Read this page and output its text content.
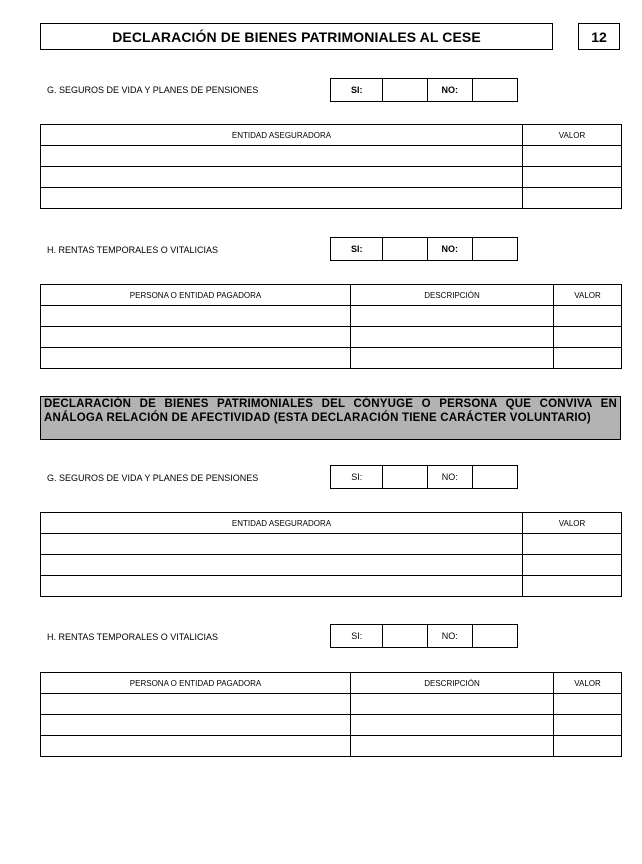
DECLARACIÓN DE BIENES PATRIMONIALES AL CESE	12
G. SEGUROS DE VIDA Y PLANES DE PENSIONES	SI:	NO:
ENTIDAD ASEGURADORA	VALOR

H. RENTAS TEMPORALES O VITALICIAS	SI:	NO:
PERSONA O ENTIDAD PAGADORA	DESCRIPCIÓN	VALOR

DECLARACIÓN DE BIENES PATRIMONIALES DEL CÓNYUGE O PERSONA QUE CONVIVA EN ANÁLOGA RELACIÓN DE AFECTIVIDAD (ESTA DECLARACIÓN TIENE CARÁCTER VOLUNTARIO)
G. SEGUROS DE VIDA Y PLANES DE PENSIONES	SI:	NO:
ENTIDAD ASEGURADORA	VALOR

H. RENTAS TEMPORALES O VITALICIAS	SI:	NO:
PERSONA O ENTIDAD PAGADORA	DESCRIPCIÓN	VALOR
